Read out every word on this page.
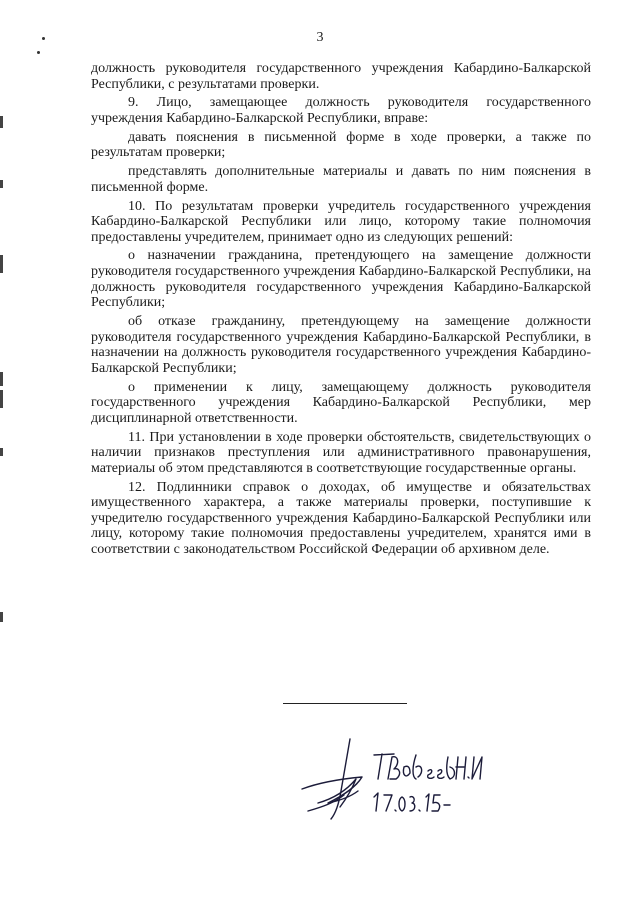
3

должность руководителя государственного учреждения Кабардино-Балкарской Республики, с результатами проверки.

9. Лицо, замещающее должность руководителя государственного учреждения Кабардино-Балкарской Республики, вправе:

давать пояснения в письменной форме в ходе проверки, а также по результатам проверки;

представлять дополнительные материалы и давать по ним пояснения в письменной форме.

10. По результатам проверки учредитель государственного учреждения Кабардино-Балкарской Республики или лицо, которому такие полномочия предоставлены учредителем, принимает одно из следующих решений:

о назначении гражданина, претендующего на замещение должности руководителя государственного учреждения Кабардино-Балкарской Республики, на должность руководителя государственного учреждения Кабардино-Балкарской Республики;

об отказе гражданину, претендующему на замещение должности руководителя государственного учреждения Кабардино-Балкарской Республики, в назначении на должность руководителя государственного учреждения Кабардино-Балкарской Республики;

о применении к лицу, замещающему должность руководителя государственного учреждения Кабардино-Балкарской Республики, мер дисциплинарной ответственности.

11. При установлении в ходе проверки обстоятельств, свидетельствующих о наличии признаков преступления или административного правонарушения, материалы об этом представляются в соответствующие государственные органы.

12. Подлинники справок о доходах, об имуществе и обязательствах имущественного характера, а также материалы проверки, поступившие к учредителю государственного учреждения Кабардино-Балкарской Республики или лицу, которому такие полномочия предоставлены учредителем, хранятся ими в соответствии с законодательством Российской Федерации об архивном деле.
